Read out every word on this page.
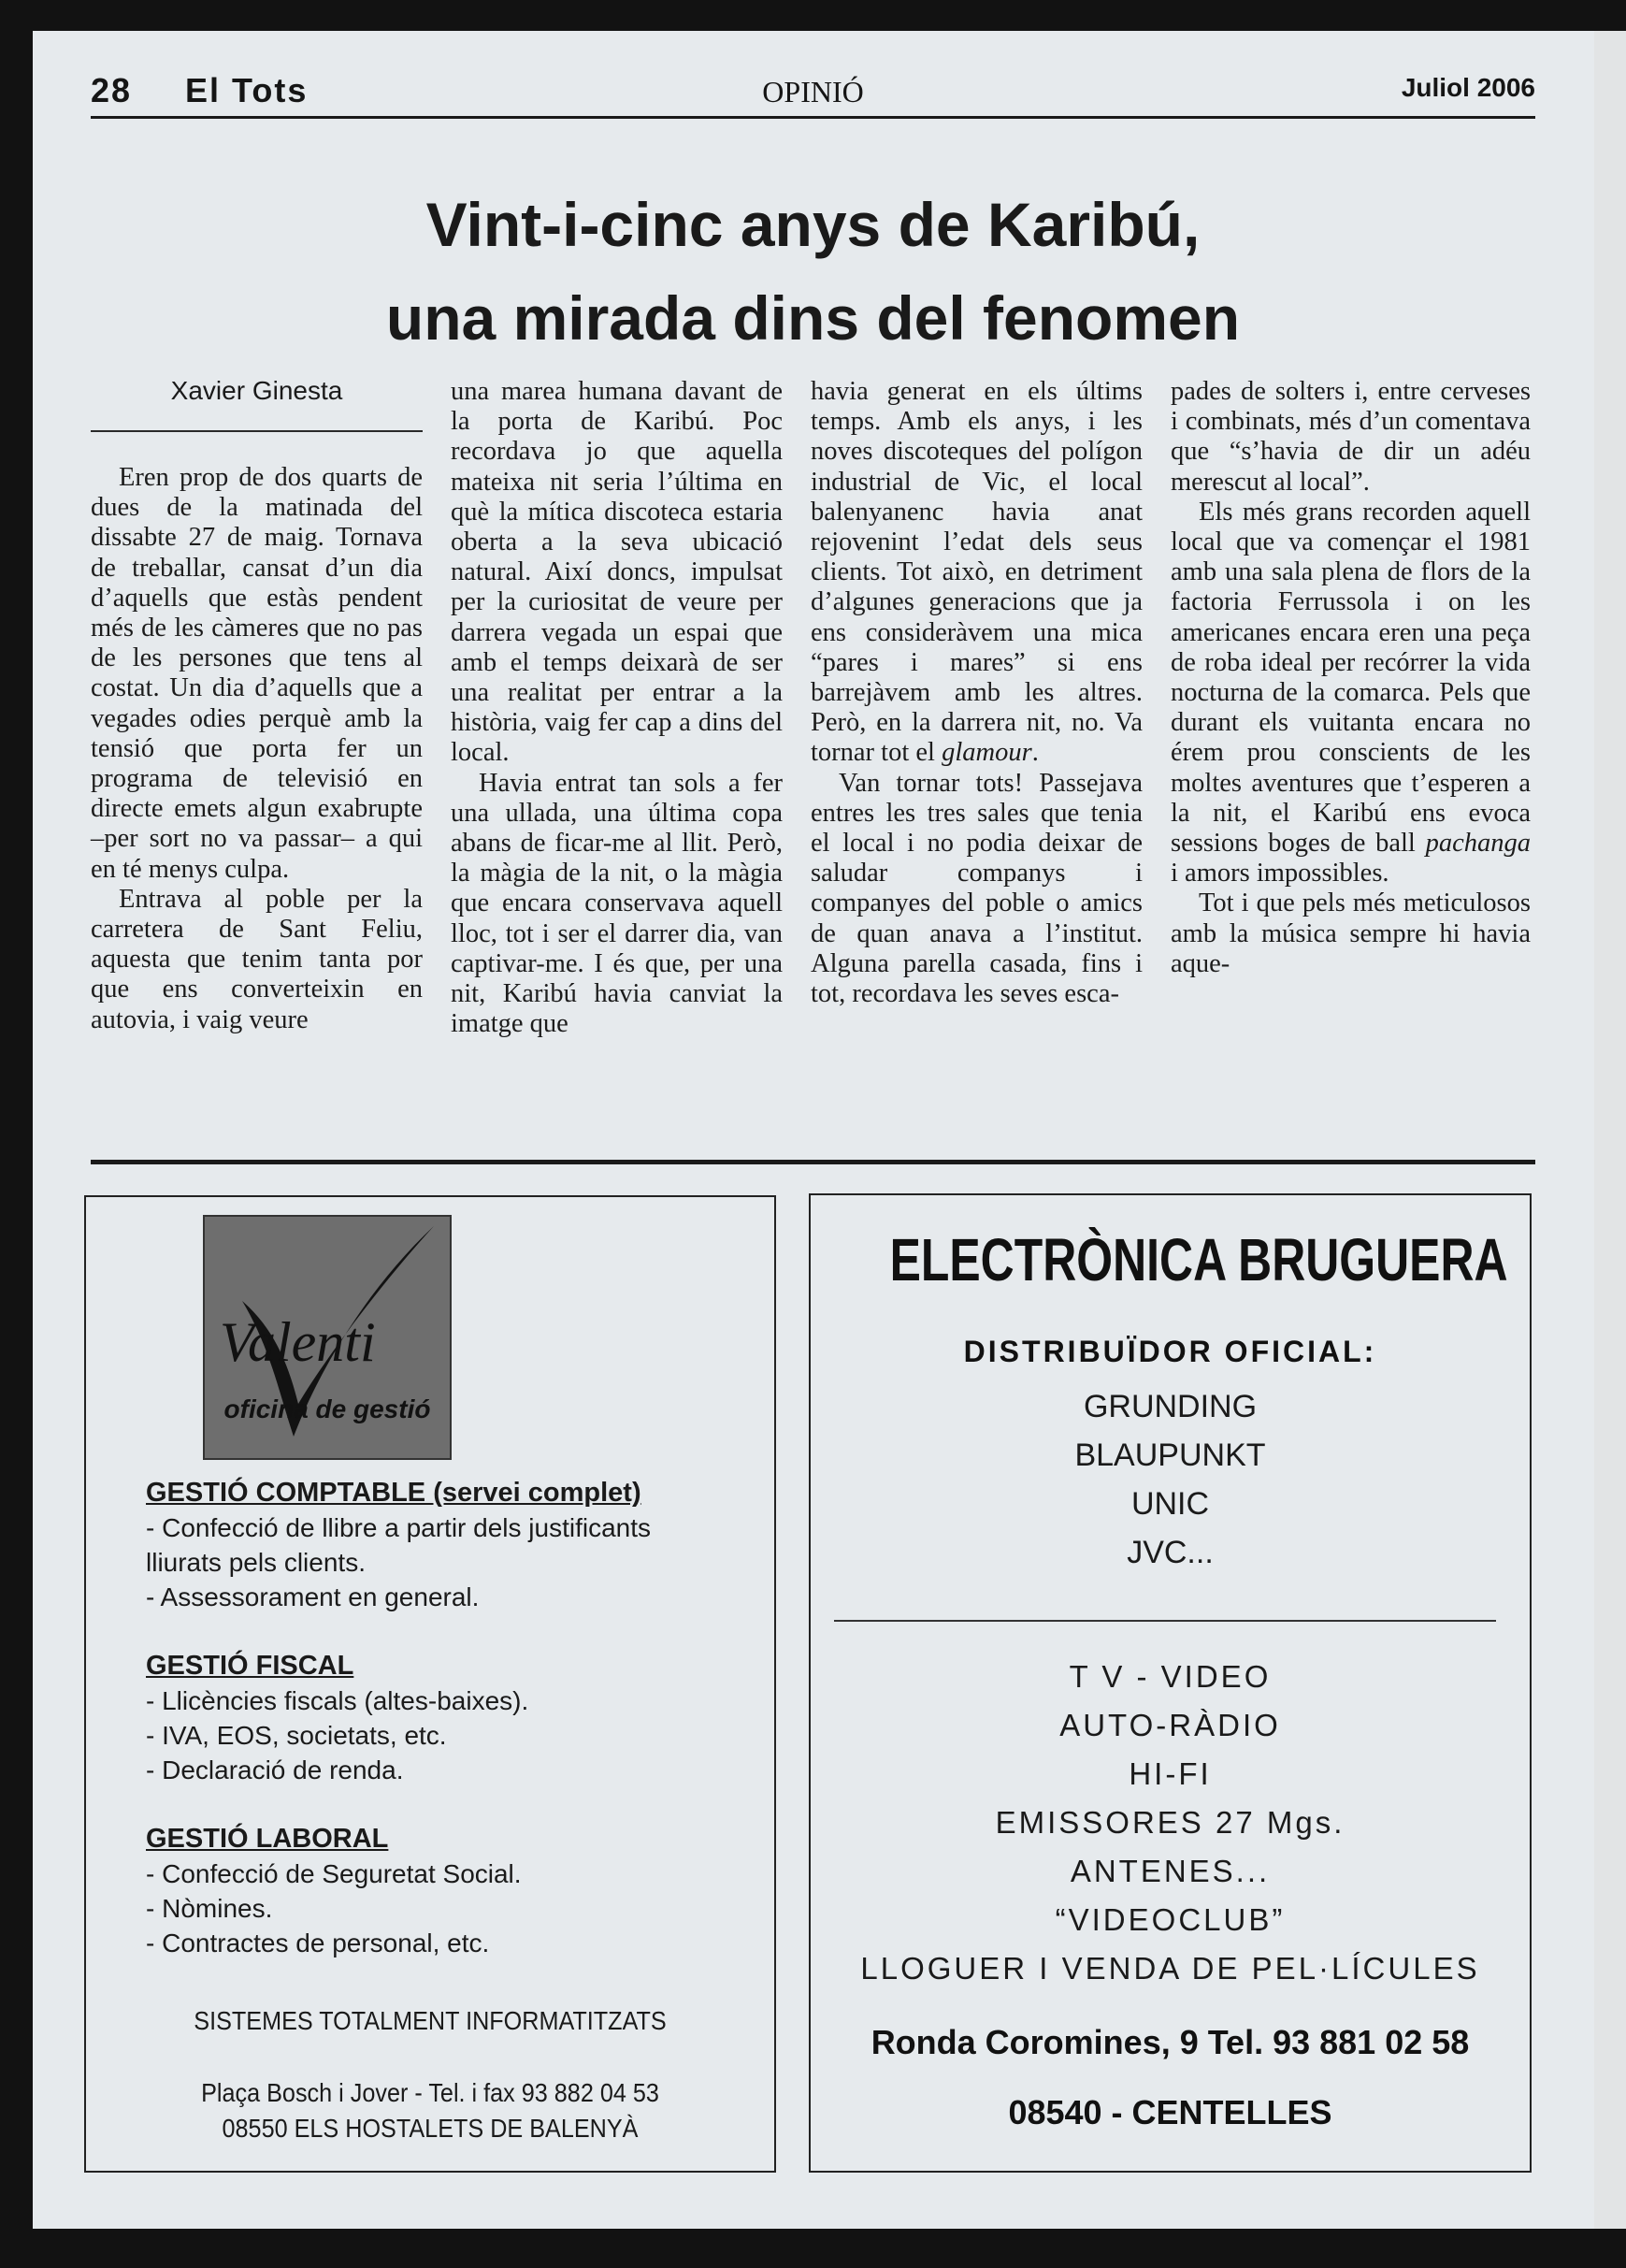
28 El Tots	OPINIÓ	Juliol 2006
Vint-i-cinc anys de Karibú,
una mirada dins del fenomen
Xavier Ginesta

Eren prop de dos quarts de dues de la matinada del dissabte 27 de maig. Tornava de treballar, cansat d’un dia d’aquells que estàs pendent més de les càmeres que no pas de les persones que tens al costat. Un dia d’aquells que a vegades odies perquè amb la tensió que porta fer un programa de televisió en directe emets algun exabrupte –per sort no va passar– a qui en té menys culpa.

Entrava al poble per la carretera de Sant Feliu, aquesta que tenim tanta por que ens converteixin en autovia, i vaig veure

una marea humana davant de la porta de Karibú. Poc recordava jo que aquella mateixa nit seria l’última en què la mítica discoteca estaria oberta a la seva ubicació natural. Així doncs, impulsat per la curiositat de veure per darrera vegada un espai que amb el temps deixarà de ser una realitat per entrar a la història, vaig fer cap a dins del local.

Havia entrat tan sols a fer una ullada, una última copa abans de ficar-me al llit. Però, la màgia de la nit, o la màgia que encara conservava aquell lloc, tot i ser el darrer dia, van captivar-me. I és que, per una nit, Karibú havia canviat la imatge que

havia generat en els últims temps. Amb els anys, i les noves discoteques del polígon industrial de Vic, el local balenyanenc havia anat rejovenint l’edat dels seus clients. Tot això, en detriment d’algunes generacions que ja ens consideràvem una mica “pares i mares” si ens barrejàvem amb les altres. Però, en la darrera nit, no. Va tornar tot el glamour.

Van tornar tots! Passejava entres les tres sales que tenia el local i no podia deixar de saludar companys i companyes del poble o amics de quan anava a l’institut. Alguna parella casada, fins i tot, recordava les seves esca-

pades de solters i, entre cerveses i combinats, més d’un comentava que “s’havia de dir un adéu merescut al local”.

Els més grans recorden aquell local que va començar el 1981 amb una sala plena de flors de la factoria Ferrussola i on les americanes encara eren una peça de roba ideal per recórrer la vida nocturna de la comarca. Pels que durant els vuitanta encara no érem prou conscients de les moltes aventures que t’esperen a la nit, el Karibú ens evoca sessions boges de ball pachanga i amors impossibles.

Tot i que pels més meticulosos amb la música sempre hi havia aque-

Valenti
oficina de gestió
GESTIÓ COMPTABLE (servei complet)
- Confecció de llibre a partir dels justificants
lliurats pels clients.
- Assessorament en general.
GESTIÓ FISCAL
- Llicències fiscals (altes-baixes).
- IVA, EOS, societats, etc.
- Declaració de renda.
GESTIÓ LABORAL
- Confecció de Seguretat Social.
- Nòmines.
- Contractes de personal, etc.
SISTEMES TOTALMENT INFORMATITZATS
Plaça Bosch i Jover - Tel. i fax 93 882 04 53
08550 ELS HOSTALETS DE BALENYÀ
ELECTRÒNICA BRUGUERA
DISTRIBUÏDOR OFICIAL:
GRUNDING
BLAUPUNKT
UNIC
JVC...
T V - VIDEO
AUTO-RÀDIO
HI-FI
EMISSORES 27 Mgs.
ANTENES...
“VIDEOCLUB”
LLOGUER I VENDA DE PEL·LÍCULES
Ronda Coromines, 9 Tel. 93 881 02 58
08540 - CENTELLES
